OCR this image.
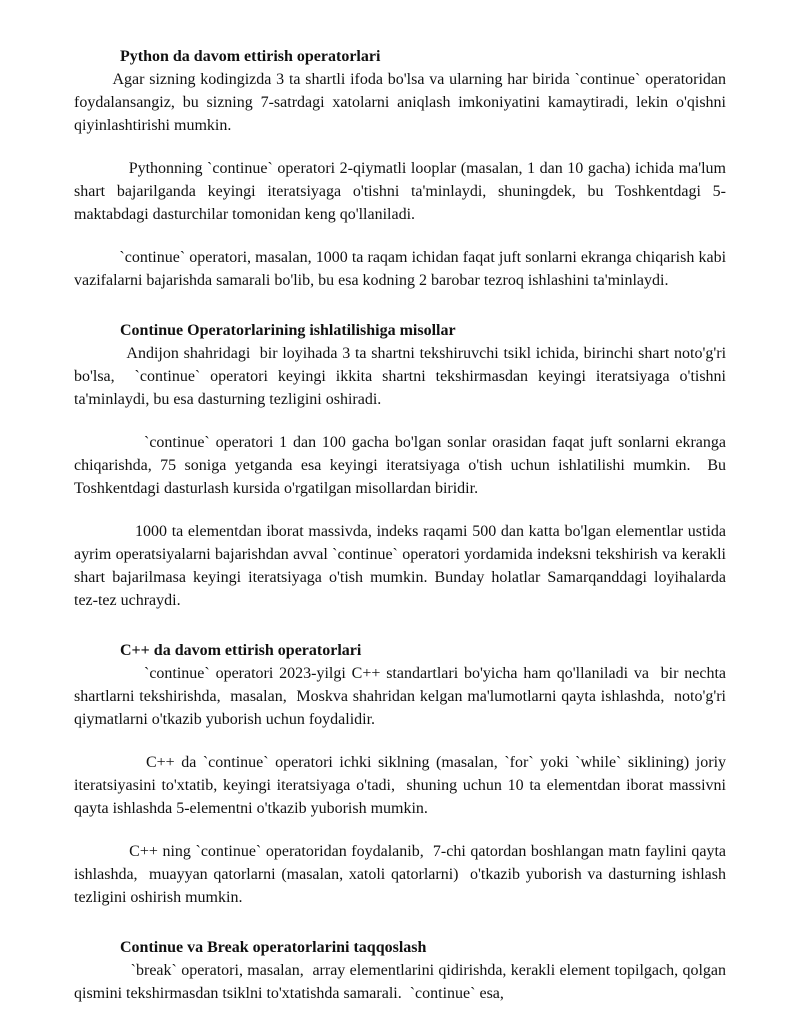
Python da davom ettirish operatorlari

Agar sizning kodingizda 3 ta shartli ifoda bo'lsa va ularning har birida `continue` operatoridan foydalansangiz, bu sizning 7-satrdagi xatolarni aniqlash imkoniyatini kamaytiradi, lekin o'qishni qiyinlashtirishi mumkin.

Pythonning `continue` operatori 2-qiymatli looplar (masalan, 1 dan 10 gacha) ichida ma'lum shart bajarilganda keyingi iteratsiyaga o'tishni ta'minlaydi, shuningdek, bu Toshkentdagi 5-maktabdagi dasturchilar tomonidan keng qo'llaniladi.

`continue` operatori, masalan, 1000 ta raqam ichidan faqat juft sonlarni ekranga chiqarish kabi vazifalarni bajarishda samarali bo'lib, bu esa kodning 2 barobar tezroq ishlashini ta'minlaydi.

Continue Operatorlarining ishlatilishiga misollar

Andijon shahridagi  bir loyihada 3 ta shartni tekshiruvchi tsikl ichida, birinchi shart noto'g'ri bo'lsa,  `continue` operatori keyingi ikkita shartni tekshirmasdan keyingi iteratsiyaga o'tishni ta'minlaydi, bu esa dasturning tezligini oshiradi.

`continue` operatori 1 dan 100 gacha bo'lgan sonlar orasidan faqat juft sonlarni ekranga chiqarishda, 75 soniga yetganda esa keyingi iteratsiyaga o'tish uchun ishlatilishi mumkin.  Bu Toshkentdagi dasturlash kursida o'rgatilgan misollardan biridir.

1000 ta elementdan iborat massivda, indeks raqami 500 dan katta bo'lgan elementlar ustida ayrim operatsiyalarni bajarishdan avval `continue` operatori yordamida indeksni tekshirish va kerakli shart bajarilmasa keyingi iteratsiyaga o'tish mumkin. Bunday holatlar Samarqanddagi loyihalarda tez-tez uchraydi.

C++ da davom ettirish operatorlari

`continue` operatori 2023-yilgi C++ standartlari bo'yicha ham qo'llaniladi va  bir nechta shartlarni tekshirishda,  masalan,  Moskva shahridan kelgan ma'lumotlarni qayta ishlashda,  noto'g'ri qiymatlarni o'tkazib yuborish uchun foydalidir.

C++ da `continue` operatori ichki siklning (masalan, `for` yoki `while` siklining) joriy iteratsiyasini to'xtatib, keyingi iteratsiyaga o'tadi,  shuning uchun 10 ta elementdan iborat massivni qayta ishlashda 5-elementni o'tkazib yuborish mumkin.

C++ ning `continue` operatoridan foydalanib,  7-chi qatordan boshlangan matn faylini qayta ishlashda,  muayyan qatorlarni (masalan, xatoli qatorlarni)  o'tkazib yuborish va dasturning ishlash tezligini oshirish mumkin.

Continue va Break operatorlarini taqqoslash

`break` operatori, masalan,  array elementlarini qidirishda, kerakli element topilgach, qolgan qismini tekshirmasdan tsiklni to'xtatishda samarali.  `continue` esa,
